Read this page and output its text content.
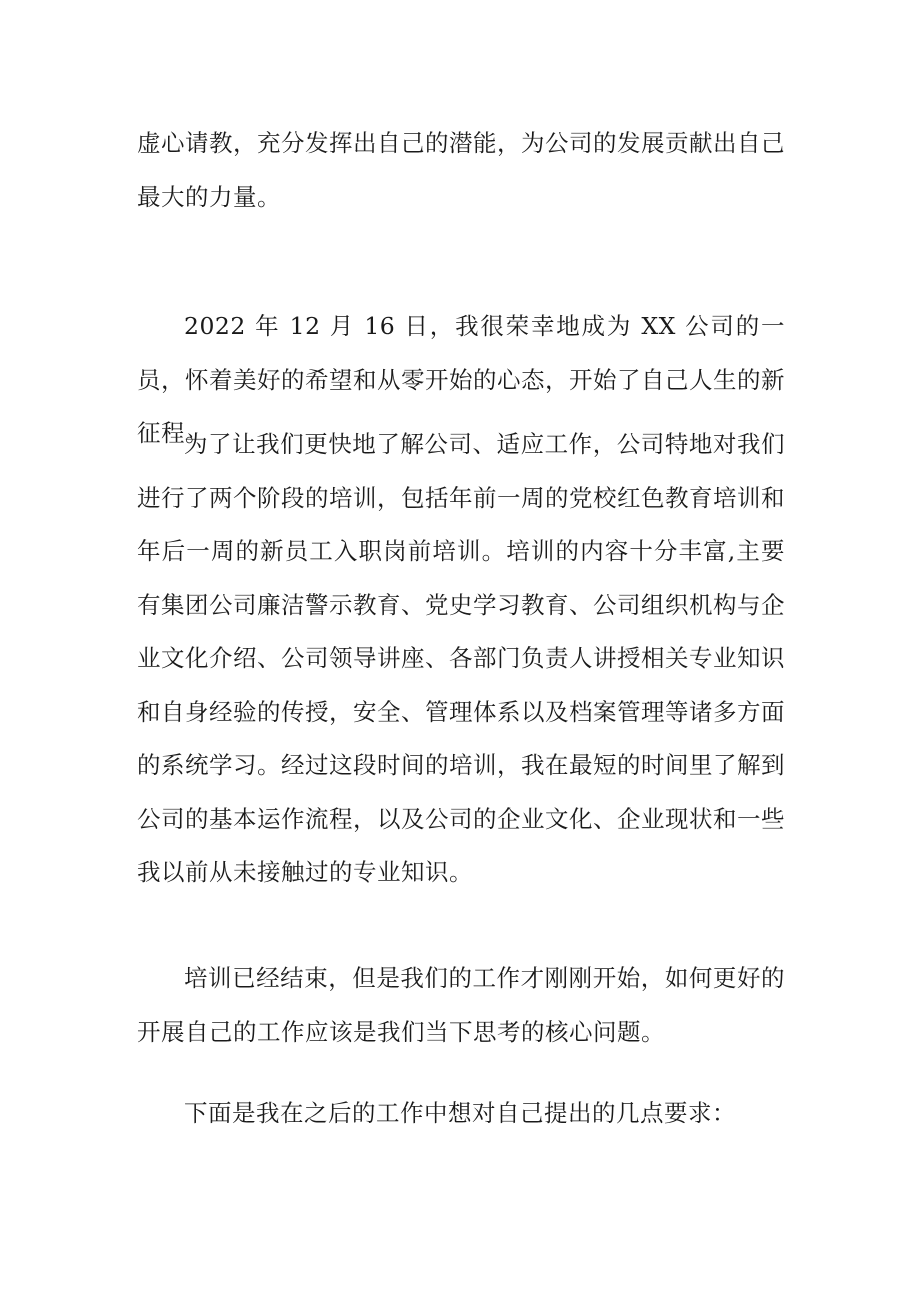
虚心请教，充分发挥出自己的潜能，为公司的发展贡献出自己最大的力量。

2022 年 12 月 16 日，我很荣幸地成为 XX 公司的一员，怀着美好的希望和从零开始的心态，开始了自己人生的新征程。

为了让我们更快地了解公司、适应工作，公司特地对我们进行了两个阶段的培训，包括年前一周的党校红色教育培训和年后一周的新员工入职岗前培训。培训的内容十分丰富,主要有集团公司廉洁警示教育、党史学习教育、公司组织机构与企业文化介绍、公司领导讲座、各部门负责人讲授相关专业知识和自身经验的传授，安全、管理体系以及档案管理等诸多方面的系统学习。经过这段时间的培训，我在最短的时间里了解到公司的基本运作流程，以及公司的企业文化、企业现状和一些我以前从未接触过的专业知识。

培训已经结束，但是我们的工作才刚刚开始，如何更好的开展自己的工作应该是我们当下思考的核心问题。

下面是我在之后的工作中想对自己提出的几点要求：
